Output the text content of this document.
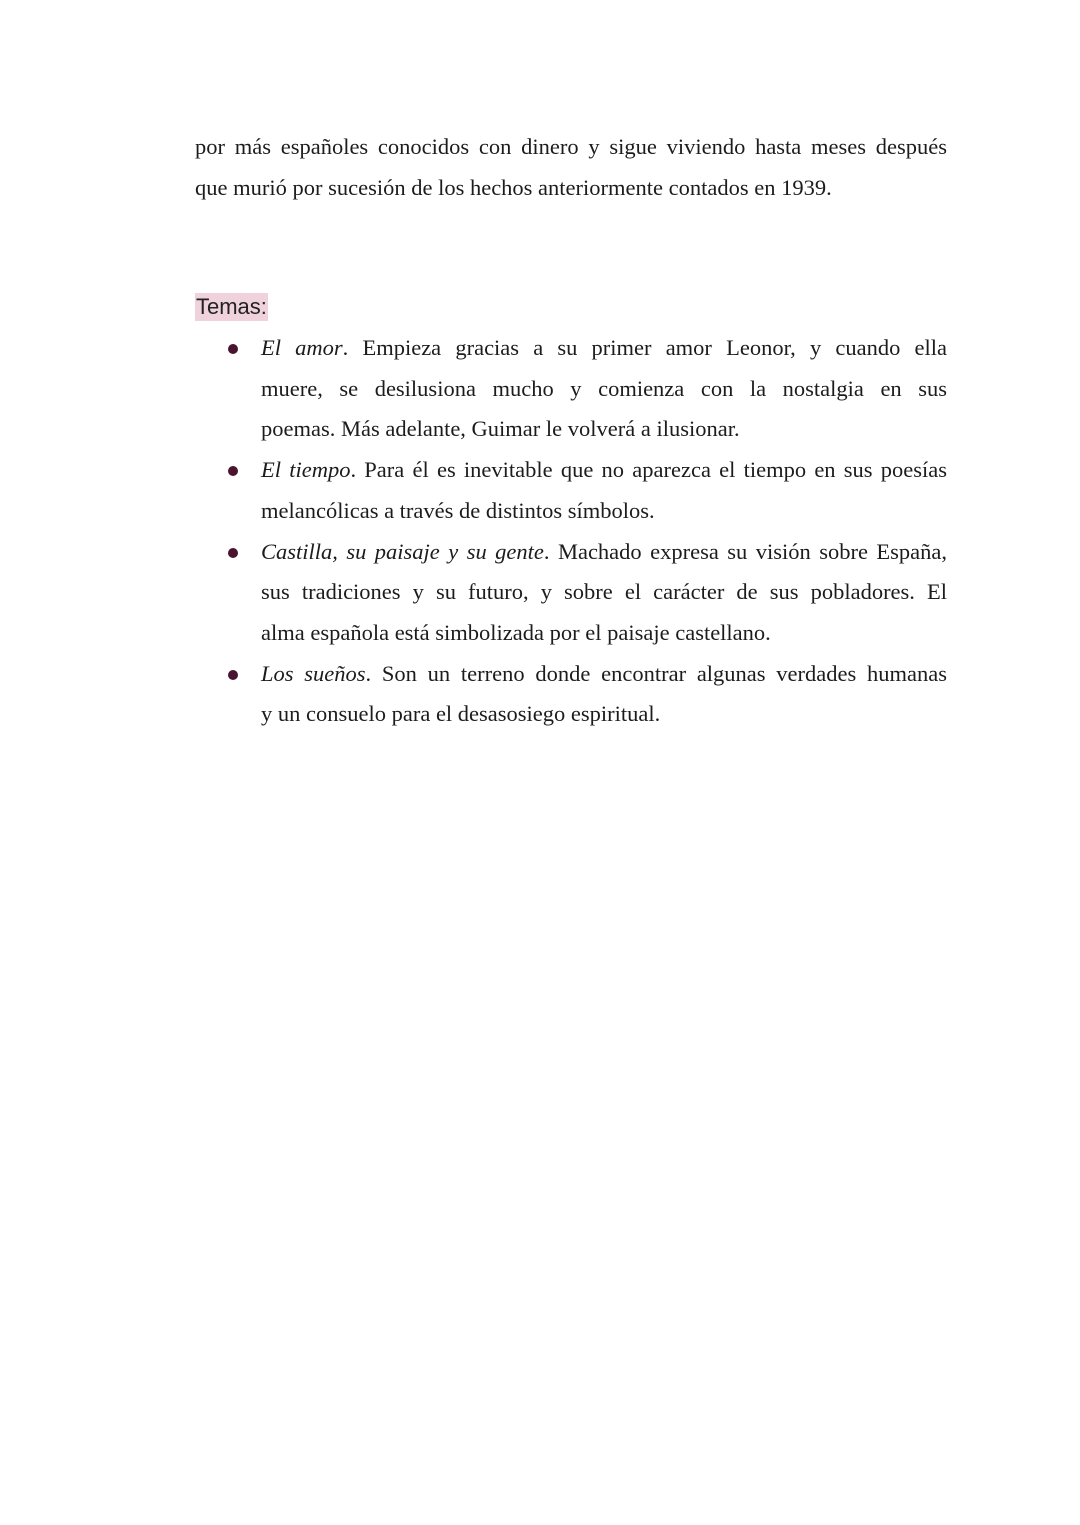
por más españoles conocidos con dinero y sigue viviendo hasta meses después
que murió por sucesión de los hechos anteriormente contados en 1939.

Temas:
El amor. Empieza gracias a su primer amor Leonor, y cuando ella
muere, se desilusiona mucho y comienza con la nostalgia en sus
poemas. Más adelante, Guimar le volverá a ilusionar.
El tiempo. Para él es inevitable que no aparezca el tiempo en sus poesías
melancólicas a través de distintos símbolos.
Castilla, su paisaje y su gente. Machado expresa su visión sobre España,
sus tradiciones y su futuro, y sobre el carácter de sus pobladores. El
alma española está simbolizada por el paisaje castellano.
Los sueños. Son un terreno donde encontrar algunas verdades humanas
y un consuelo para el desasosiego espiritual.
